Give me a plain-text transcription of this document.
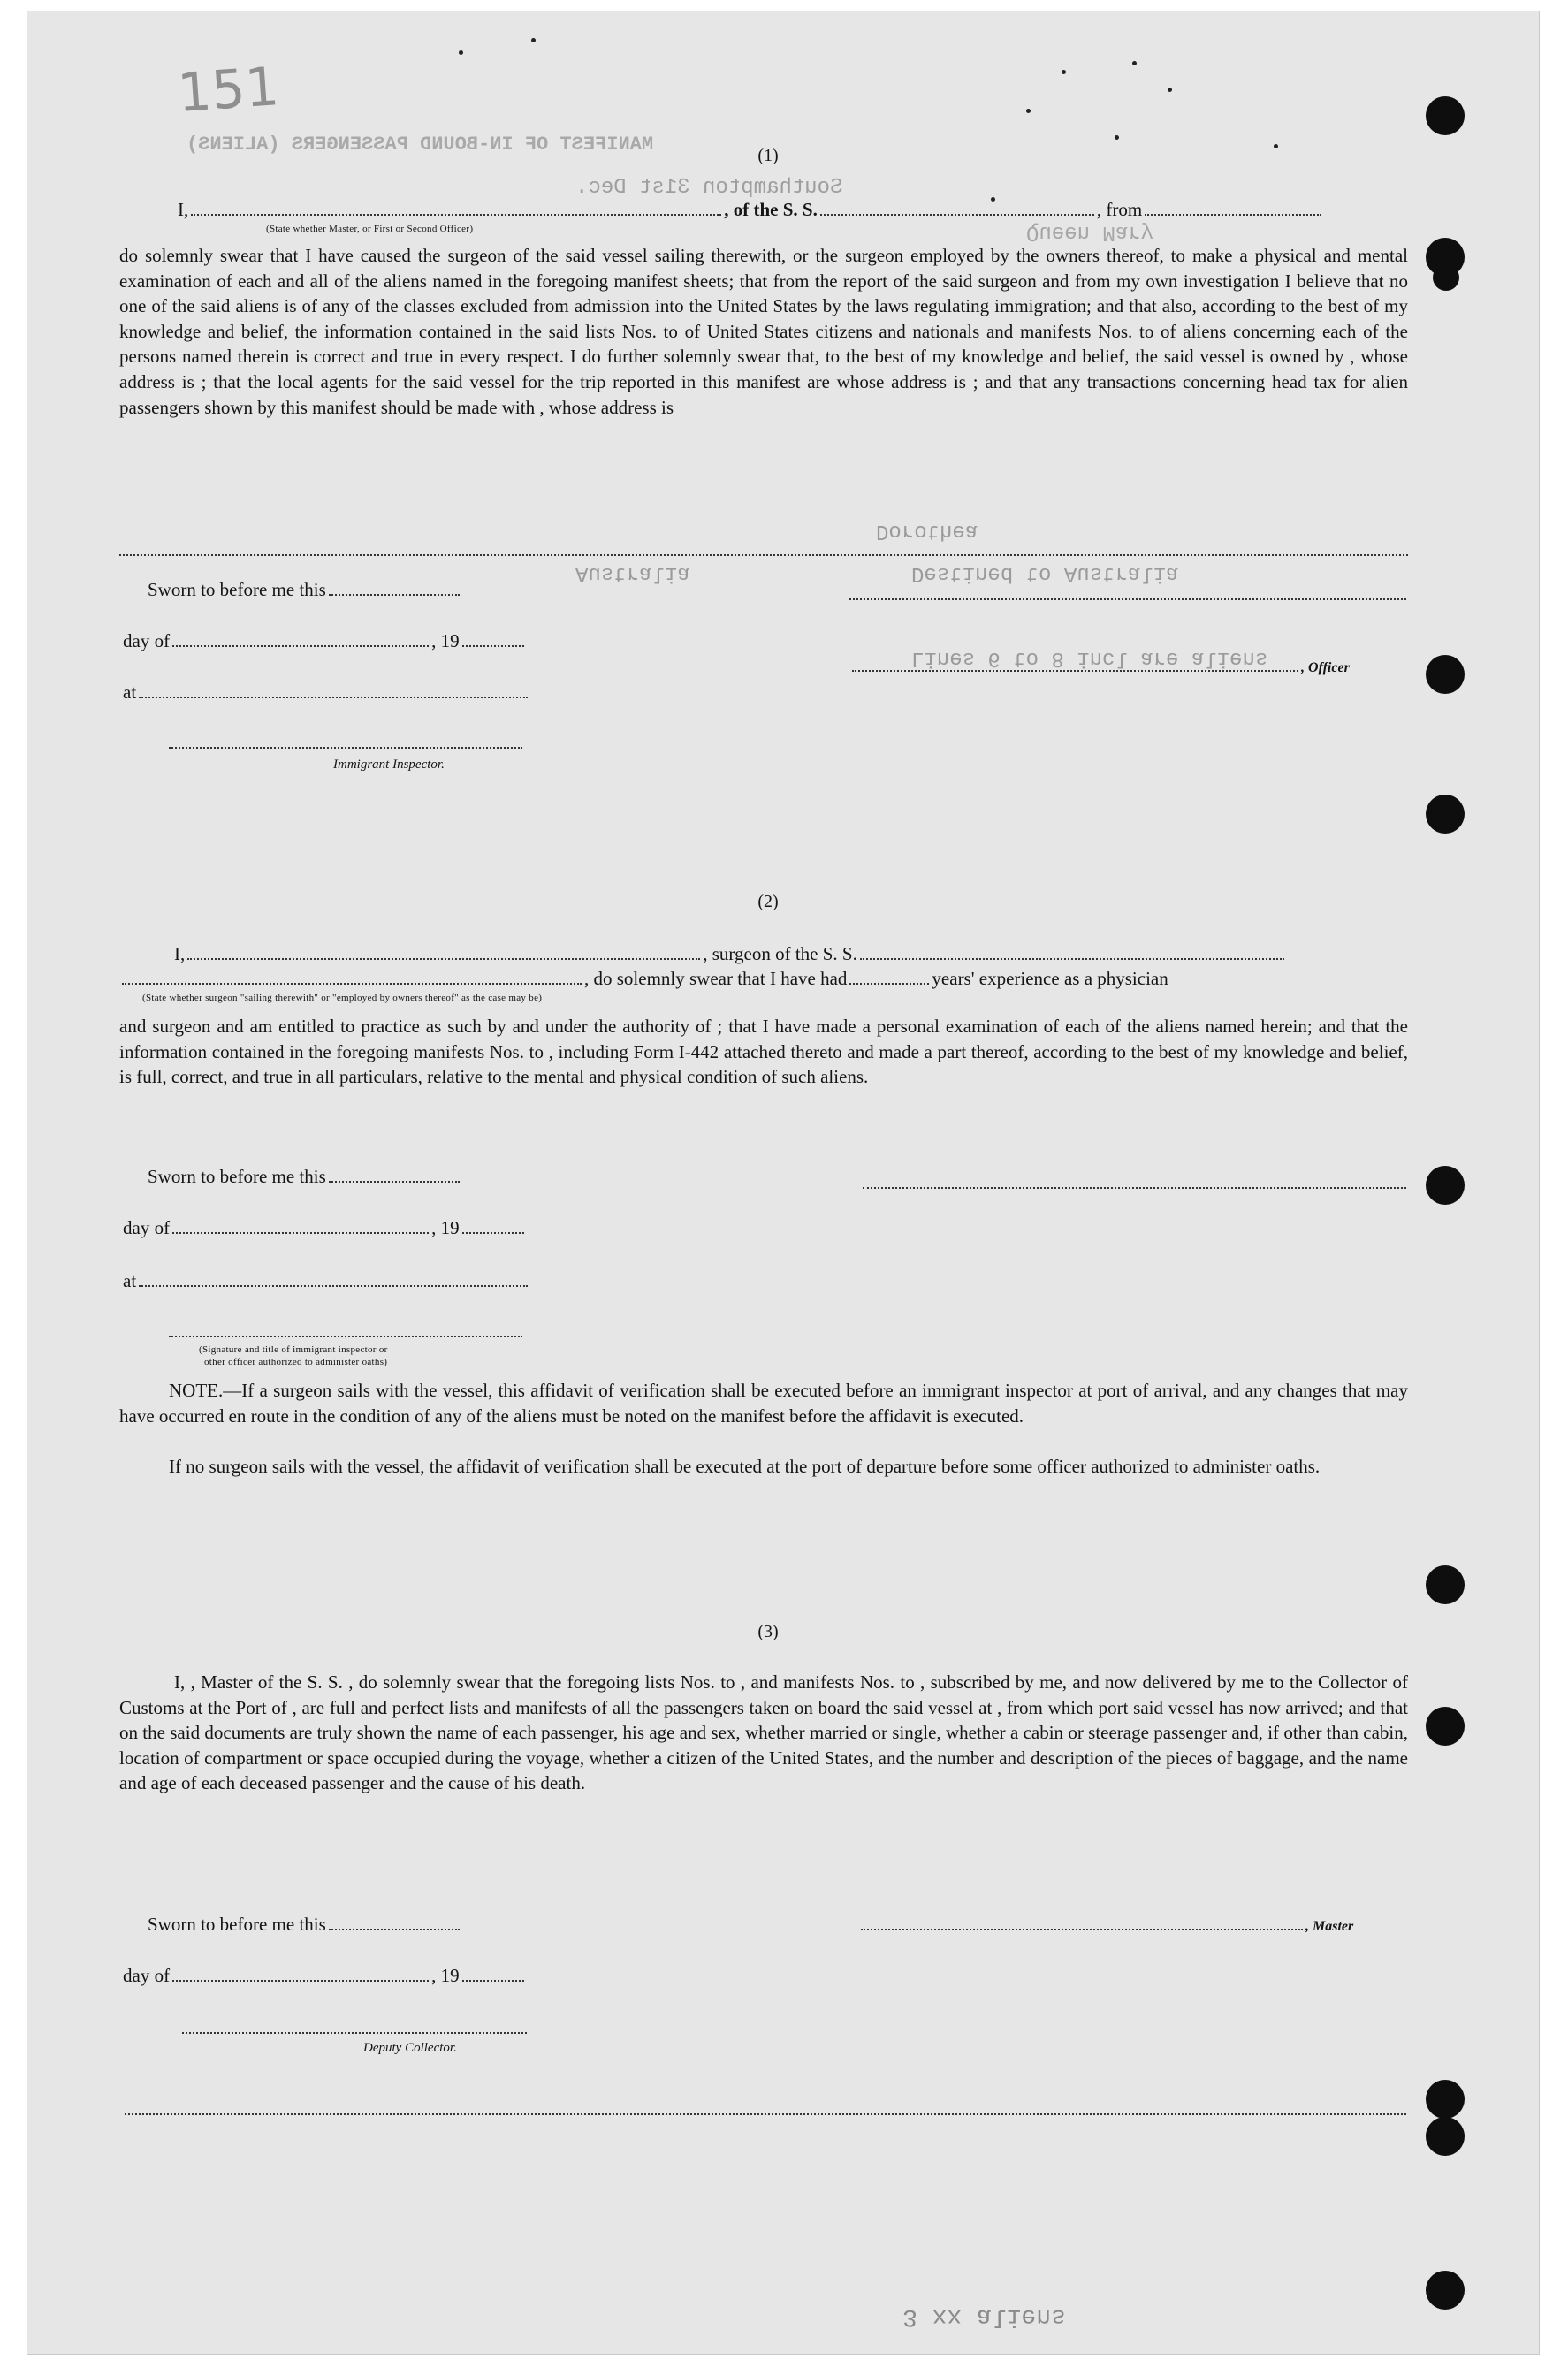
151
MANIFEST OF IN-BOUND PASSENGERS (ALIENS)
Southampton 31st Dec.
Queen Mary
Dorothea
Australia	Destined to Australia
Lines 6 to 8 incl are aliens
3 xx aliens
(1)
I,	, of the S. S.	, from
(State whether Master, or First or Second Officer)
do solemnly swear that I have caused the surgeon of the said vessel sailing therewith, or the surgeon employed by the owners thereof, to make a physical and mental examination of each and all of the aliens named in the foregoing manifest sheets; that from the report of the said surgeon and from my own investigation I believe that no one of the said aliens is of any of the classes excluded from admission into the United States by the laws regulating immigration; and that also, according to the best of my knowledge and belief, the information contained in the said lists Nos. to of United States citizens and nationals and manifests Nos. to of aliens concerning each of the persons named therein is correct and true in every respect. I do further solemnly swear that, to the best of my knowledge and belief, the said vessel is owned by , whose address is ; that the local agents for the said vessel for the trip reported in this manifest are whose address is ; and that any transactions concerning head tax for alien passengers shown by this manifest should be made with , whose address is
Sworn to before me this
day of	, 19
, Officer
at
Immigrant Inspector.
(2)
I,	, surgeon of the S. S.
, do solemnly swear that I have had	years' experience as a physician
(State whether surgeon "sailing therewith" or "employed by owners thereof" as the case may be)
and surgeon and am entitled to practice as such by and under the authority of ; that I have made a personal examination of each of the aliens named herein; and that the information contained in the foregoing manifests Nos. to , including Form I-442 attached thereto and made a part thereof, according to the best of my knowledge and belief, is full, correct, and true in all particulars, relative to the mental and physical condition of such aliens.
Sworn to before me this
day of	, 19
at
(Signature and title of immigrant inspector or
other officer authorized to administer oaths)
NOTE.—If a surgeon sails with the vessel, this affidavit of verification shall be executed before an immigrant inspector at port of arrival, and any changes that may have occurred en route in the condition of any of the aliens must be noted on the manifest before the affidavit is executed.
If no surgeon sails with the vessel, the affidavit of verification shall be executed at the port of departure before some officer authorized to administer oaths.
(3)
I, , Master of the S. S. , do solemnly swear that the foregoing lists Nos. to , and manifests Nos. to , subscribed by me, and now delivered by me to the Collector of Customs at the Port of , are full and perfect lists and manifests of all the passengers taken on board the said vessel at , from which port said vessel has now arrived; and that on the said documents are truly shown the name of each passenger, his age and sex, whether married or single, whether a cabin or steerage passenger and, if other than cabin, location of compartment or space occupied during the voyage, whether a citizen of the United States, and the number and description of the pieces of baggage, and the name and age of each deceased passenger and the cause of his death.
Sworn to before me this	, Master
day of	, 19
Deputy Collector.
